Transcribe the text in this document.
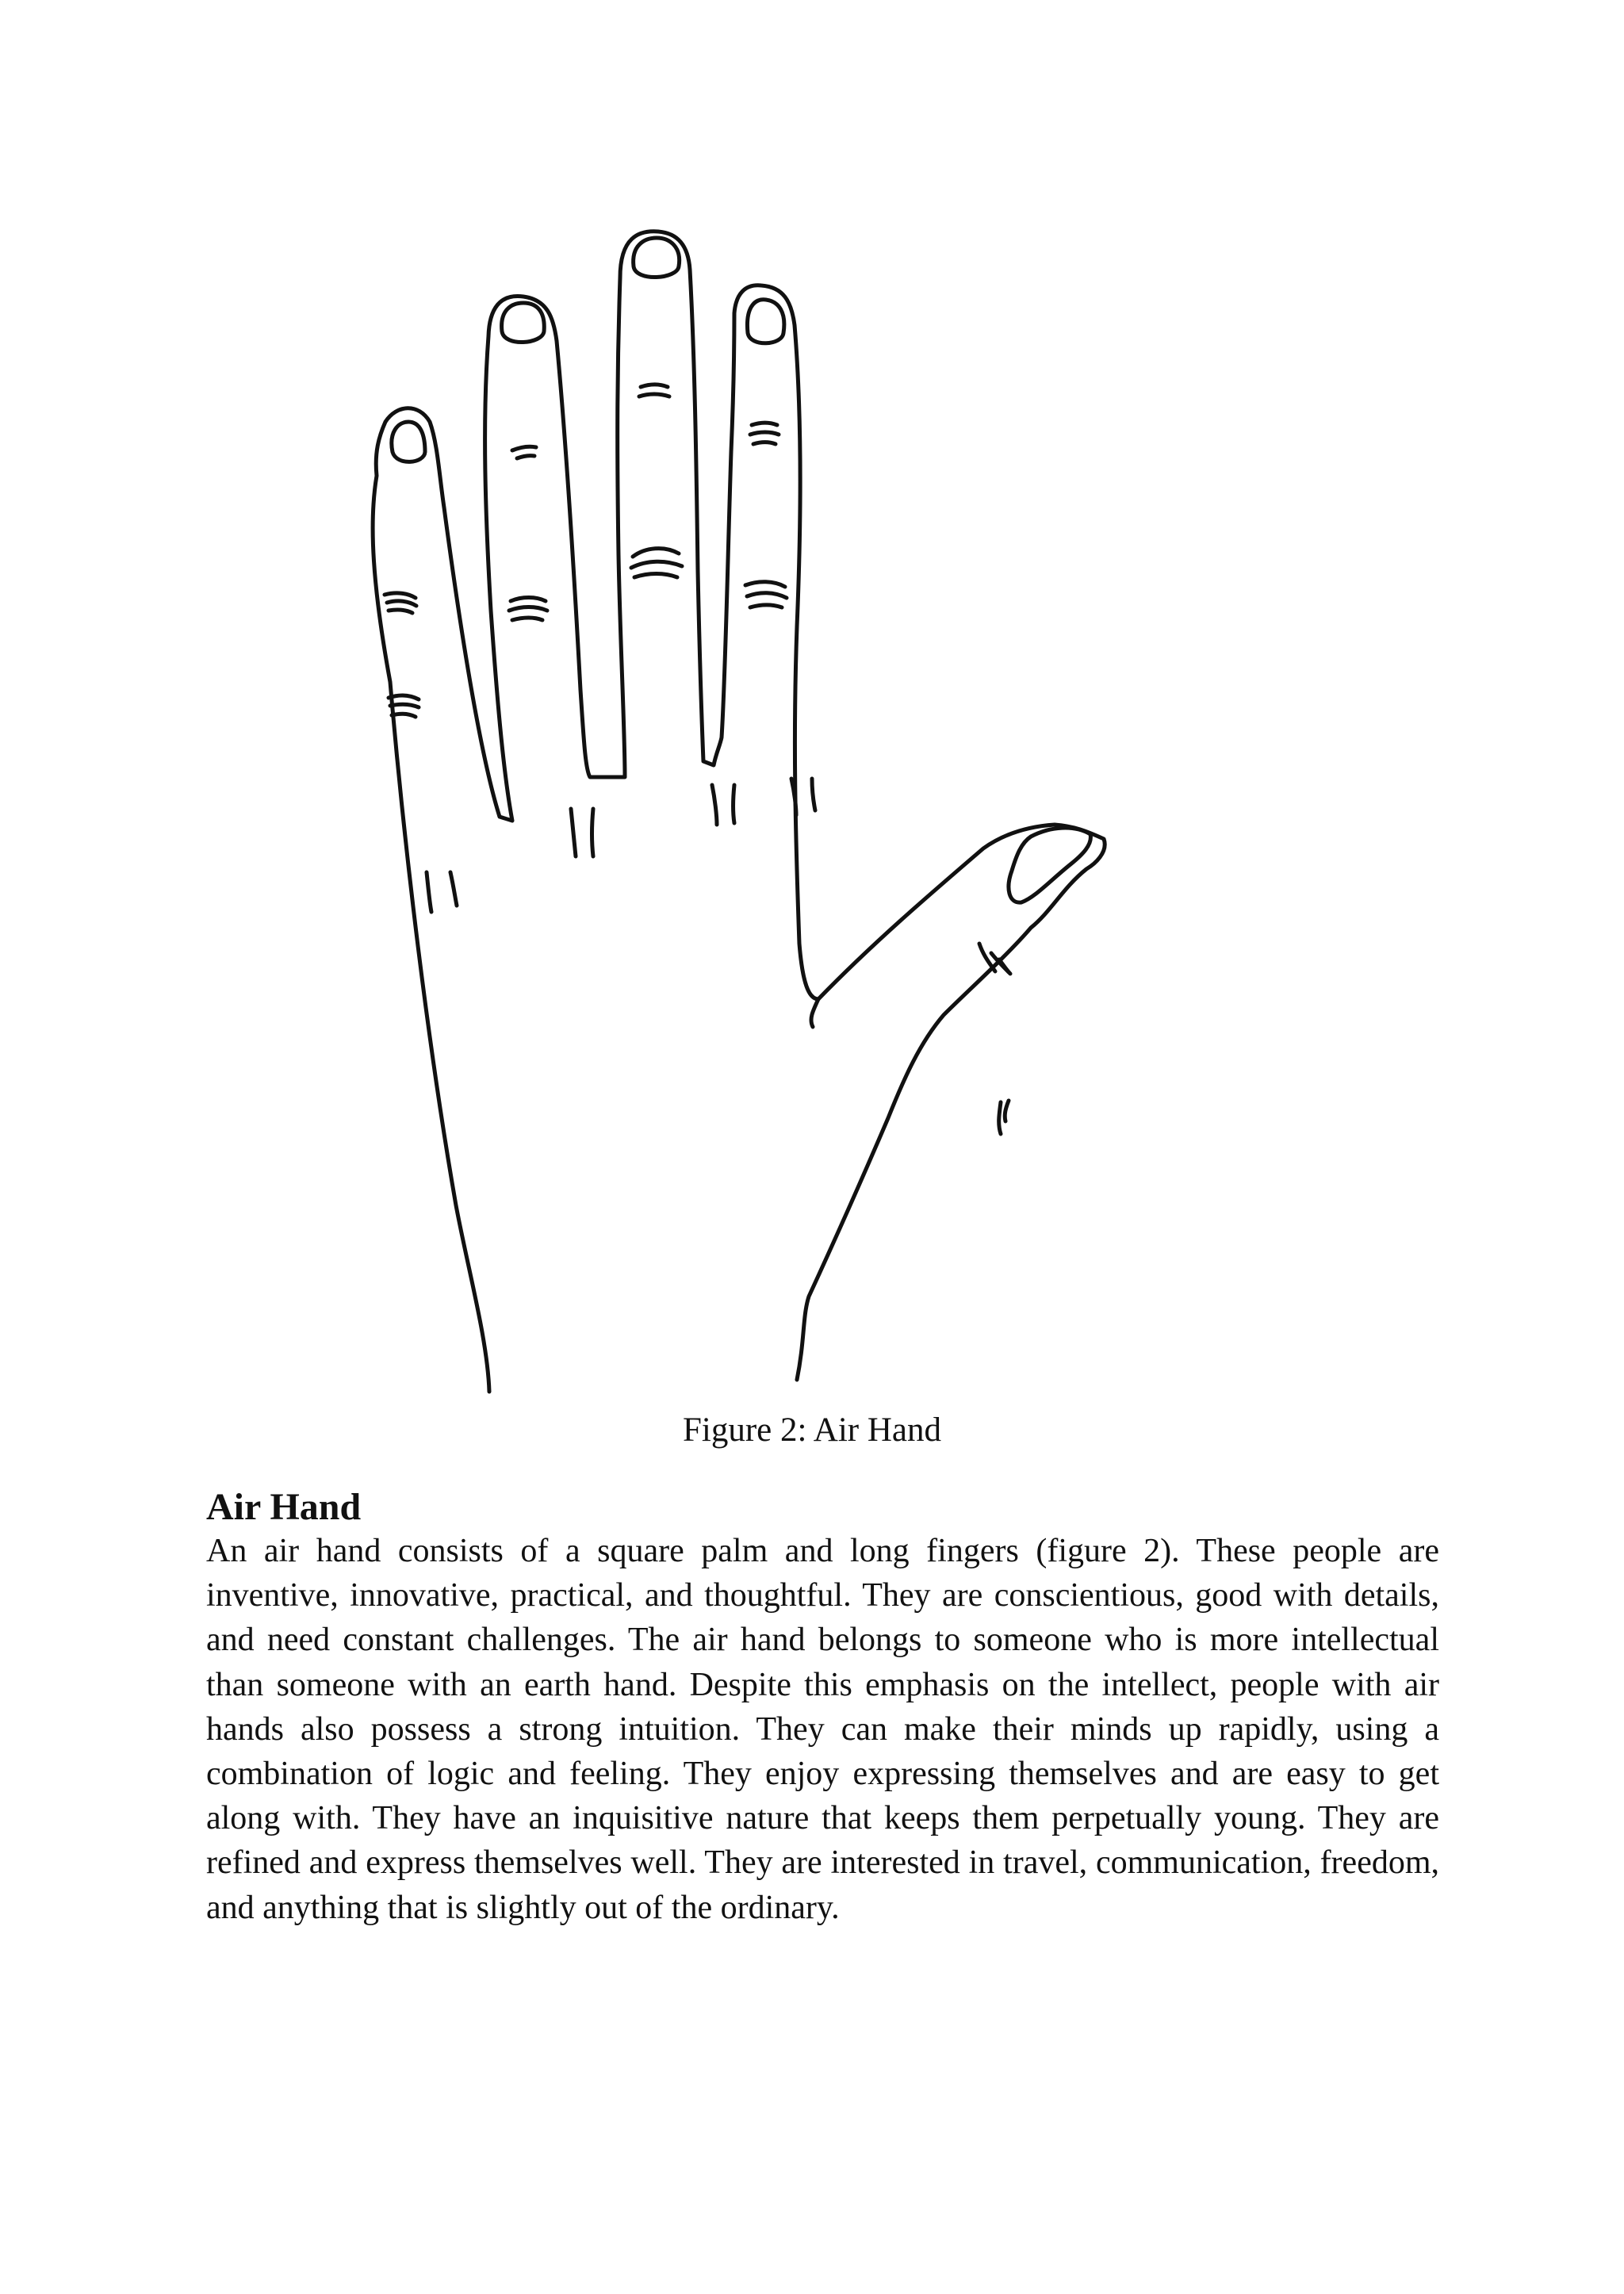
Figure 2: Air Hand
Air Hand

An air hand consists of a square palm and long fingers (figure 2). These people are inventive, innovative, practical, and thoughtful. They are conscientious, good with details, and need constant challenges. The air hand belongs to someone who is more intellectual than someone with an earth hand. Despite this emphasis on the intellect, people with air hands also possess a strong intuition. They can make their minds up rapidly, using a combination of logic and feeling. They enjoy expressing themselves and are easy to get along with. They have an inquisitive nature that keeps them perpetually young. They are refined and express themselves well. They are interested in travel, communication, freedom, and anything that is slightly out of the ordinary.
